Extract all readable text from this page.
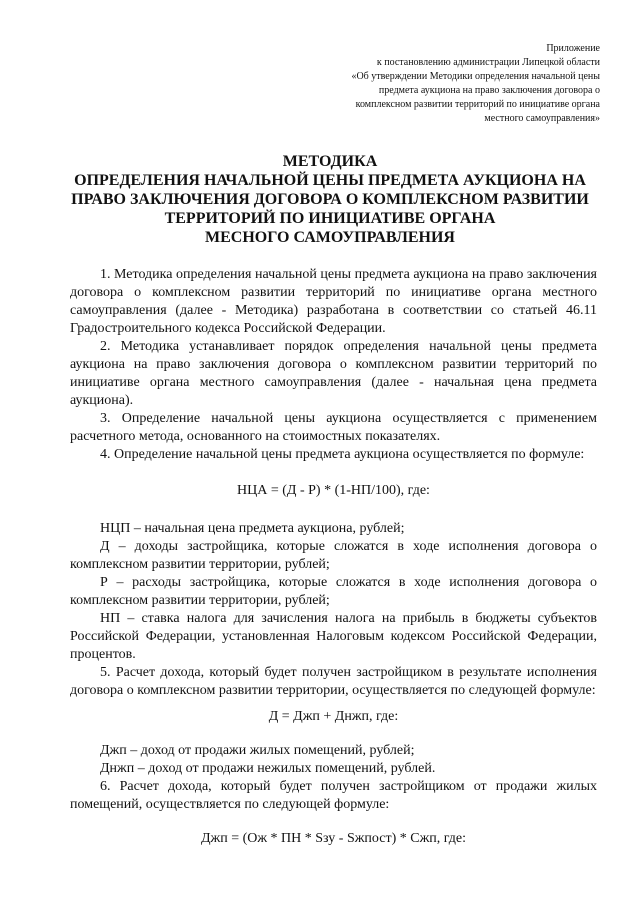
Приложение
к постановлению администрации Липецкой области
«Об утверждении Методики определения начальной цены
предмета аукциона на право заключения договора о
комплексном развитии территорий по инициативе органа
местного самоуправления»
МЕТОДИКА
ОПРЕДЕЛЕНИЯ НАЧАЛЬНОЙ ЦЕНЫ ПРЕДМЕТА АУКЦИОНА НА
ПРАВО ЗАКЛЮЧЕНИЯ ДОГОВОРА О КОМПЛЕКСНОМ РАЗВИТИИ
ТЕРРИТОРИЙ ПО ИНИЦИАТИВЕ ОРГАНА
МЕСНОГО САМОУПРАВЛЕНИЯ

1. Методика определения начальной цены предмета аукциона на право заключения договора о комплексном развитии территорий по инициативе органа местного самоуправления (далее - Методика) разработана в соответствии со статьей 46.11 Градостроительного кодекса Российской Федерации.

2. Методика устанавливает порядок определения начальной цены предмета аукциона на право заключения договора о комплексном развитии территорий по инициативе органа местного самоуправления (далее - начальная цена предмета аукциона).

3. Определение начальной цены аукциона осуществляется с применением расчетного метода, основанного на стоимостных показателях.

4. Определение начальной цены предмета аукциона осуществляется по формуле:

НЦА = (Д - Р) * (1-НП/100), где:

НЦП – начальная цена предмета аукциона, рублей;

Д – доходы застройщика, которые сложатся в ходе исполнения договора о комплексном развитии территории, рублей;

Р – расходы застройщика, которые сложатся в ходе исполнения договора о комплексном развитии территории, рублей;

НП – ставка налога для зачисления налога на прибыль в бюджеты субъектов Российской Федерации, установленная Налоговым кодексом Российской Федерации, процентов.

5. Расчет дохода, который будет получен застройщиком в результате исполнения договора о комплексном развитии территории, осуществляется по следующей формуле:

Д = Джп + Днжп, где:

Джп – доход от продажи жилых помещений, рублей;

Днжп – доход от продажи нежилых помещений, рублей.

6. Расчет дохода, который будет получен застройщиком от продажи жилых помещений, осуществляется по следующей формуле:

Джп = (Ож * ПН * Sзу - Sжпост) * Сжп, где:
